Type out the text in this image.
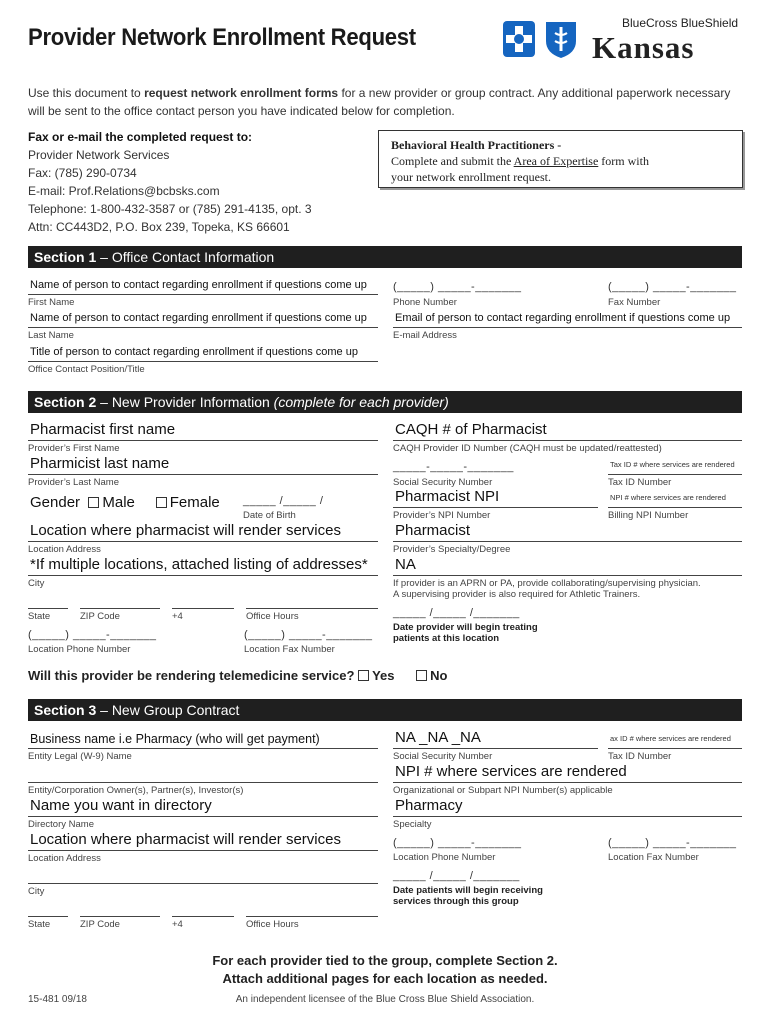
Provider Network Enrollment Request
BlueCross BlueShield
Kansas
Use this document to request network enrollment forms for a new provider or group contract. Any additional paperwork necessary will be sent to the office contact person you have indicated below for completion.
Fax or e-mail the completed request to:
Provider Network Services
Fax: (785) 290-0734
E-mail: Prof.Relations@bcbsks.com
Telephone: 1-800-432-3587 or (785) 291-4135, opt. 3
Attn: CC443D2, P.O. Box 239, Topeka, KS 66601
Behavioral Health Practitioners -
Complete and submit the Area of Expertise form with
your network enrollment request.
Section 1 – Office Contact Information
Name of person to contact regarding enrollment if questions come up
First Name
Name of person to contact regarding enrollment if questions come up
Last Name
Title of person to contact regarding enrollment if questions come up
Office Contact Position/Title
(_____) _____-_______
Phone Number
(_____) _____-_______
Fax Number
Email of person to contact regarding enrollment if questions come up
E-mail Address
Section 2 – New Provider Information (complete for each provider)
Pharmacist first name
Provider’s First Name
Pharmicist last name
Provider’s Last Name
Gender Male Female _____ /_____ /
Date of Birth
Location where pharmacist will render services
Location Address
*If multiple locations, attached listing of addresses*
City
State	ZIP Code	+4	Office Hours
(_____) _____-_______
Location Phone Number
(_____) _____-_______
Location Fax Number
CAQH # of Pharmacist
CAQH Provider ID Number (CAQH must be updated/reattested)
_____-_____-_______
Social Security Number
Tax ID # where services are rendered
Tax ID Number
Pharmacist NPI
Provider’s NPI Number
NPI # where services are rendered
Billing NPI Number
Pharmacist
Provider’s Specialty/Degree
NA
If provider is an APRN or PA, provide collaborating/supervising physician.
A supervising provider is also required for Athletic Trainers.
_____ /_____ /_______
Date provider will begin treating
patients at this location
Will this provider be rendering telemedicine service? Yes	No
Section 3 – New Group Contract
Business name i.e Pharmacy (who will get payment)
Entity Legal (W-9) Name
Entity/Corporation Owner(s), Partner(s), Investor(s)
Name you want in directory
Directory Name
Location where pharmacist will render services
Location Address
City
State	ZIP Code	+4	Office Hours
NA _NA _NA
Social Security Number
ax ID # where services are rendered
Tax ID Number
NPI # where services are rendered
Organizational or Subpart NPI Number(s) applicable
Pharmacy
Specialty
(_____) _____-_______
Location Phone Number
(_____) _____-_______
Location Fax Number
_____ /_____ /_______
Date patients will begin receiving
services through this group
For each provider tied to the group, complete Section 2.
Attach additional pages for each location as needed.
15-481 09/18	An independent licensee of the Blue Cross Blue Shield Association.
